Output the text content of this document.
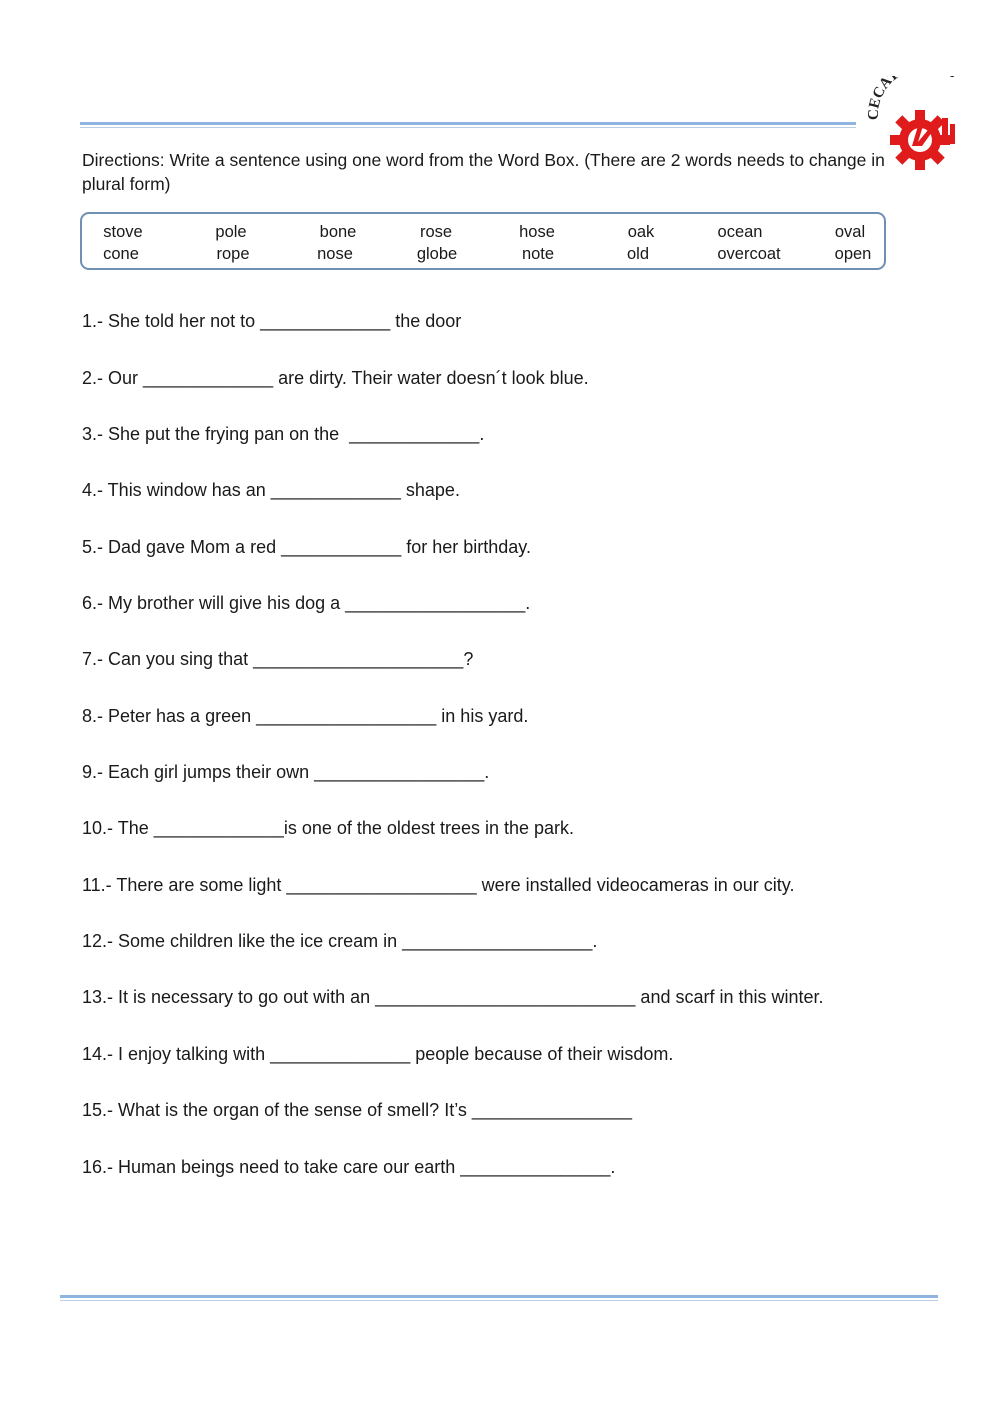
ECA
Directions: Write a sentence using one word from the Word Box. (There are 2 words needs to change in plural form)
stove	pole	bone	rose	hose	oak	ocean	oval
cone	rope	nose	globe	note	old	overcoat	open
1.- She told her not to _____________ the door
2.- Our _____________ are dirty. Their water doesn´t look blue.
3.- She put the frying pan on the  _____________.
4.- This window has an _____________ shape.
5.- Dad gave Mom a red ____________ for her birthday.
6.- My brother will give his dog a __________________.
7.- Can you sing that _____________________?
8.- Peter has a green __________________ in his yard.
9.- Each girl jumps their own _________________.
10.- The _____________is one of the oldest trees in the park.
11.- There are some light ___________________ were installed videocameras in our city.
12.- Some children like the ice cream in ___________________.
13.- It is necessary to go out with an __________________________ and scarf in this winter.
14.- I enjoy talking with ______________ people because of their wisdom.
15.- What is the organ of the sense of smell? It’s ________________
16.- Human beings need to take care our earth _______________.
